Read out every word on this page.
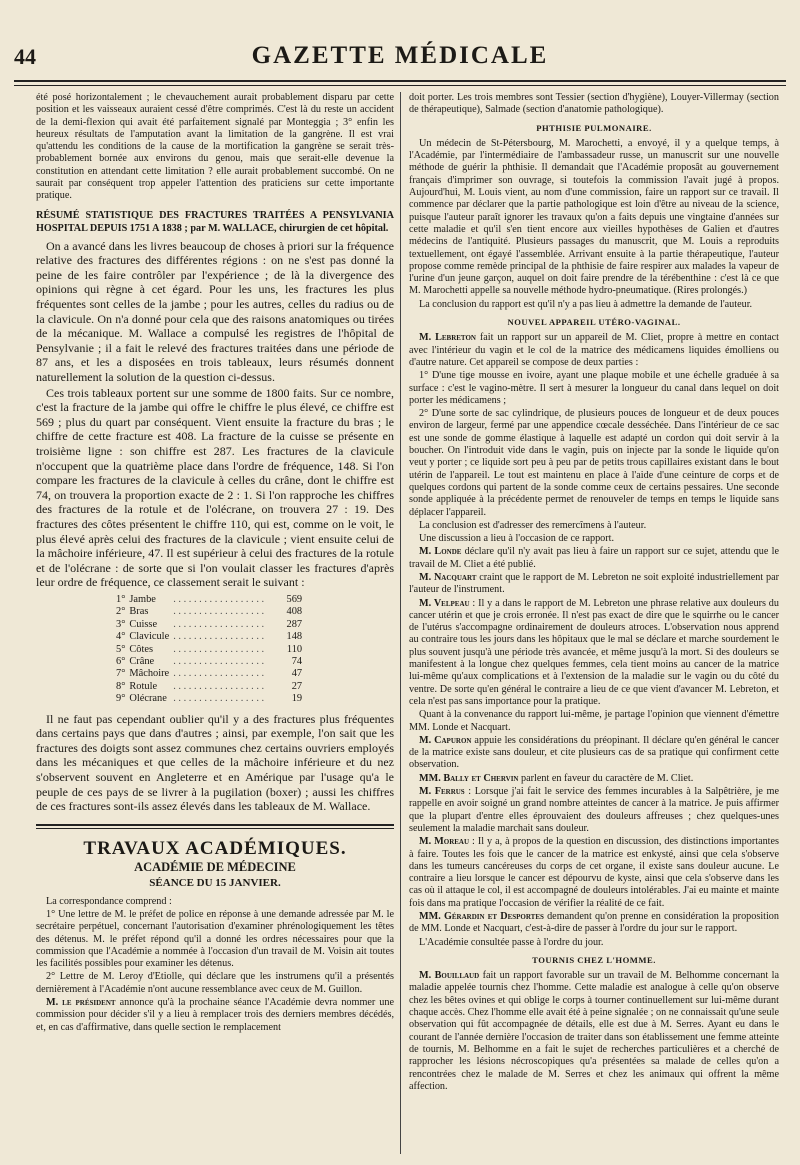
44	GAZETTE MÉDICALE

été posé horizontalement ; le chevauchement aurait probablement disparu par cette position et les vaisseaux auraient cessé d'être comprimés. C'est là du reste un accident de la demi-flexion qui avait été parfaitement signalé par Monteggia ; 3° enfin les heureux résultats de l'amputation avant la limitation de la gangrène. Il est vrai qu'attendu les conditions de la cause de la mortification la gangrène se serait très-probablement bornée aux environs du genou, mais que serait-elle devenue la constitution en attendant cette limitation ? elle aurait probablement succombé. On ne saurait par conséquent trop appeler l'attention des praticiens sur cette importante pratique.

RÉSUMÉ STATISTIQUE DES FRACTURES TRAITÉES A PENSYLVANIA HOSPITAL DEPUIS 1751 A 1838 ; par M. WALLACE, chirurgien de cet hôpital.

On a avancé dans les livres beaucoup de choses à priori sur la fréquence relative des fractures des différentes régions : on ne s'est pas donné la peine de les faire contrôler par l'expérience ; de là la divergence des opinions qui règne à cet égard. Pour les uns, les fractures les plus fréquentes sont celles de la jambe ; pour les autres, celles du radius ou de la clavicule. On n'a donné pour cela que des raisons anatomiques ou tirées de la mécanique. M. Wallace a compulsé les registres de l'hôpital de Pensylvanie ; il a fait le relevé des fractures traitées dans une période de 87 ans, et les a disposées en trois tableaux, leurs résumés donnent naturellement la solution de la question ci-dessus.

Ces trois tableaux portent sur une somme de 1800 faits. Sur ce nombre, c'est la fracture de la jambe qui offre le chiffre le plus élevé, ce chiffre est 569 ; plus du quart par conséquent. Vient ensuite la fracture du bras ; le chiffre de cette fracture est 408. La fracture de la cuisse se présente en troisième ligne : son chiffre est 287. Les fractures de la clavicule n'occupent que la quatrième place dans l'ordre de fréquence, 148. Si l'on compare les fractures de la clavicule à celles du crâne, dont le chiffre est 74, on trouvera la proportion exacte de 2 : 1. Si l'on rapproche les chiffres des fractures de la rotule et de l'olécrane, on trouvera 27 : 19. Des fractures des côtes présentent le chiffre 110, qui est, comme on le voit, le plus élevé après celui des fractures de la clavicule ; vient ensuite celui de la mâchoire inférieure, 47. Il est supérieur à celui des fractures de la rotule et de l'olécrane : de sorte que si l'on voulait classer les fractures d'après leur ordre de fréquence, ce classement serait le suivant :

1°	Jambe	. . . . . . . . . . . . . . . . . .	569
2°	Bras	. . . . . . . . . . . . . . . . . .	408
3°	Cuisse	. . . . . . . . . . . . . . . . . .	287
4°	Clavicule	. . . . . . . . . . . . . . . . . .	148
5°	Côtes	. . . . . . . . . . . . . . . . . .	110
6°	Crâne	. . . . . . . . . . . . . . . . . .	74
7°	Mâchoire	. . . . . . . . . . . . . . . . . .	47
8°	Rotule	. . . . . . . . . . . . . . . . . .	27
9°	Olécrane	. . . . . . . . . . . . . . . . . .	19

Il ne faut pas cependant oublier qu'il y a des fractures plus fréquentes dans certains pays que dans d'autres ; ainsi, par exemple, l'on sait que les fractures des doigts sont assez communes chez certains ouvriers employés dans les mécaniques et que celles de la mâchoire inférieure et du nez s'observent souvent en Angleterre et en Amérique par l'usage qu'a le peuple de ces pays de se livrer à la pugilation (boxer) ; aussi les chiffres de ces fractures sont-ils assez élevés dans les tableaux de M. Wallace.

TRAVAUX ACADÉMIQUES.
ACADÉMIE DE MÉDECINE
SÉANCE DU 15 JANVIER.

La correspondance comprend :

1° Une lettre de M. le préfet de police en réponse à une demande adressée par M. le secrétaire perpétuel, concernant l'autorisation d'examiner phrénologiquement les têtes des détenus. M. le préfet répond qu'il a donné les ordres nécessaires pour que la commission que l'Académie a nommée à l'occasion d'un travail de M. Voisin ait toutes les facilités possibles pour examiner les détenus.

2° Lettre de M. Leroy d'Etiolle, qui déclare que les instrumens qu'il a présentés dernièrement à l'Académie n'ont aucune ressemblance avec ceux de M. Guillon.

M. le président annonce qu'à la prochaine séance l'Académie devra nommer une commission pour décider s'il y a lieu à remplacer trois des derniers membres décédés, et, en cas d'affirmative, dans quelle section le remplacement

doit porter. Les trois membres sont Tessier (section d'hygiène), Louyer-Villermay (section de thérapeutique), Salmade (section d'anatomie pathologique).

PHTHISIE PULMONAIRE.

Un médecin de St-Pétersbourg, M. Marochetti, a envoyé, il y a quelque temps, à l'Académie, par l'intermédiaire de l'ambassadeur russe, un manuscrit sur une nouvelle méthode de guérir la phthisie. Il demandait que l'Académie proposât au gouvernement français d'imprimer son ouvrage, si toutefois la commission l'avait jugé à propos. Aujourd'hui, M. Louis vient, au nom d'une commission, faire un rapport sur ce travail. Il commence par déclarer que la partie pathologique est loin d'être au niveau de la science, puisque l'auteur paraît ignorer les travaux qu'on a faits depuis une vingtaine d'années sur cette maladie et qu'il s'en tient encore aux vieilles hypothèses de Galien et d'autres médecins de l'antiquité. Plusieurs passages du manuscrit, que M. Louis a reproduits textuellement, ont égayé l'assemblée. Arrivant ensuite à la partie thérapeutique, l'auteur propose comme remède principal de la phthisie de faire respirer aux malades la vapeur de l'urine d'un jeune garçon, auquel on doit faire prendre de la térébenthine : c'est là ce que M. Marochetti appelle sa nouvelle méthode hydro-pneumatique. (Rires prolongés.)

La conclusion du rapport est qu'il n'y a pas lieu à admettre la demande de l'auteur.

NOUVEL APPAREIL UTÉRO-VAGINAL.

M. Lebreton fait un rapport sur un appareil de M. Cliet, propre à mettre en contact avec l'intérieur du vagin et le col de la matrice des médicamens liquides émolliens ou d'autre nature. Cet appareil se compose de deux parties :

1° D'une tige mousse en ivoire, ayant une plaque mobile et une échelle graduée à sa surface : c'est le vagino-mètre. Il sert à mesurer la longueur du canal dans lequel on doit porter les médicamens ;

2° D'une sorte de sac cylindrique, de plusieurs pouces de longueur et de deux pouces environ de largeur, fermé par une appendice cœcale desséchée. Dans l'intérieur de ce sac est une sonde de gomme élastique à laquelle est adapté un cordon qui doit servir à la boucher. On l'introduit vide dans le vagin, puis on injecte par la sonde le liquide qu'on veut y porter ; ce liquide sort peu à peu par de petits trous capillaires existant dans le bout utérin de l'appareil. Le tout est maintenu en place à l'aide d'une ceinture de corps et de quelques cordons qui partent de la sonde comme ceux de certains pessaires. Une seconde sonde appliquée à la précédente permet de renouveler de temps en temps le liquide sans déplacer l'appareil.

La conclusion est d'adresser des remercîmens à l'auteur.

Une discussion a lieu à l'occasion de ce rapport.

M. Londe déclare qu'il n'y avait pas lieu à faire un rapport sur ce sujet, attendu que le travail de M. Cliet a été publié.

M. Nacquart craint que le rapport de M. Lebreton ne soit exploité industriellement par l'auteur de l'instrument.

M. Velpeau : Il y a dans le rapport de M. Lebreton une phrase relative aux douleurs du cancer utérin et que je crois erronée. Il n'est pas exact de dire que le squirrhe ou le cancer de l'utérus s'accompagne ordinairement de douleurs atroces. L'observation nous apprend au contraire tous les jours dans les hôpitaux que le mal se déclare et marche sourdement le plus souvent jusqu'à une période très avancée, et même jusqu'à la mort. Si des douleurs se manifestent à la longue chez quelques femmes, cela tient moins au cancer de la matrice lui-même qu'aux complications et à l'extension de la maladie sur le vagin ou du côté du ventre. De sorte qu'en général le contraire a lieu de ce que vient d'avancer M. Lebreton, et cela n'est pas sans importance pour la pratique.

Quant à la convenance du rapport lui-même, je partage l'opinion que viennent d'émettre MM. Londe et Nacquart.

M. Capuron appuie les considérations du préopinant. Il déclare qu'en général le cancer de la matrice existe sans douleur, et cite plusieurs cas de sa pratique qui confirment cette observation.

MM. Bally et Chervin parlent en faveur du caractère de M. Cliet.

M. Ferrus : Lorsque j'ai fait le service des femmes incurables à la Salpêtrière, je me rappelle en avoir soigné un grand nombre atteintes de cancer à la matrice. Je puis affirmer que la plupart d'entre elles éprouvaient des douleurs affreuses ; chez quelques-unes seulement la maladie marchait sans douleur.

M. Moreau : Il y a, à propos de la question en discussion, des distinctions importantes à faire. Toutes les fois que le cancer de la matrice est enkysté, ainsi que cela s'observe dans les tumeurs cancéreuses du corps de cet organe, il existe sans douleur aucune. Le contraire a lieu lorsque le cancer est dépourvu de kyste, ainsi que cela s'observe dans les cas où il attaque le col, il est accompagné de douleurs intolérables. J'ai eu mainte et mainte fois dans ma pratique l'occasion de vérifier la réalité de ce fait.

MM. Gérardin et Desportes demandent qu'on prenne en considération la proposition de MM. Londe et Nacquart, c'est-à-dire de passer à l'ordre du jour sur le rapport.

L'Académie consultée passe à l'ordre du jour.

TOURNIS CHEZ L'HOMME.

M. Bouillaud fait un rapport favorable sur un travail de M. Belhomme concernant la maladie appelée tournis chez l'homme. Cette maladie est analogue à celle qu'on observe chez les bêtes ovines et qui oblige le corps à tourner continuellement sur lui-même durant chaque accès. Chez l'homme elle avait été à peine signalée ; on ne connaissait qu'une seule observation qui fût accompagnée de détails, elle est due à M. Serres. Ayant eu dans le courant de l'année dernière l'occasion de traiter dans son établissement une femme atteinte de tournis, M. Belhomme en a fait le sujet de recherches particulières et a cherché de rapprocher les lésions nécroscopiques qu'a présentées sa malade de celles qu'on a rencontrées chez le malade de M. Serres et chez les animaux qui offrent la même affection.
